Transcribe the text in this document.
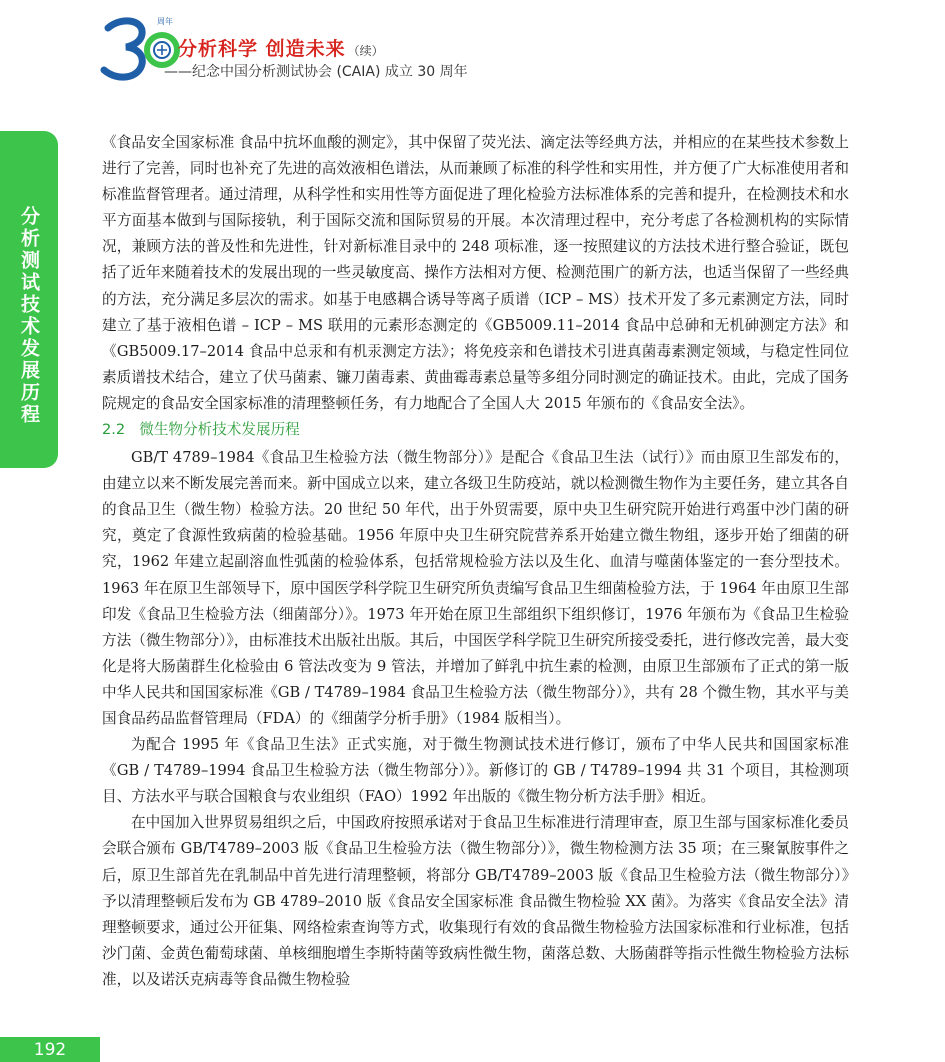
周年
分析科学 创造未来 （续）
——纪念中国分析测试协会 (CAIA) 成立 30 周年
分析测试技术发展历程

《食品安全国家标准 食品中抗坏血酸的测定》，其中保留了荧光法、滴定法等经典方法，并相应的在某些技术参数上进行了完善，同时也补充了先进的高效液相色谱法，从而兼顾了标准的科学性和实用性，并方便了广大标准使用者和标准监督管理者。通过清理，从科学性和实用性等方面促进了理化检验方法标准体系的完善和提升，在检测技术和水平方面基本做到与国际接轨，利于国际交流和国际贸易的开展。本次清理过程中，充分考虑了各检测机构的实际情况，兼顾方法的普及性和先进性，针对新标准目录中的 248 项标准，逐一按照建议的方法技术进行整合验证，既包括了近年来随着技术的发展出现的一些灵敏度高、操作方法相对方便、检测范围广的新方法，也适当保留了一些经典的方法，充分满足多层次的需求。如基于电感耦合诱导等离子质谱（ICP – MS）技术开发了多元素测定方法，同时建立了基于液相色谱 – ICP – MS 联用的元素形态测定的《GB5009.11–2014 食品中总砷和无机砷测定方法》和《GB5009.17–2014 食品中总汞和有机汞测定方法》；将免疫亲和色谱技术引进真菌毒素测定领域，与稳定性同位素质谱技术结合，建立了伏马菌素、镰刀菌毒素、黄曲霉毒素总量等多组分同时测定的确证技术。由此，完成了国务院规定的食品安全国家标准的清理整顿任务，有力地配合了全国人大 2015 年颁布的《食品安全法》。

2.2 微生物分析技术发展历程

GB/T 4789–1984《食品卫生检验方法（微生物部分）》是配合《食品卫生法（试行）》而由原卫生部发布的，由建立以来不断发展完善而来。新中国成立以来，建立各级卫生防疫站，就以检测微生物作为主要任务，建立其各自的食品卫生（微生物）检验方法。20 世纪 50 年代，出于外贸需要，原中央卫生研究院开始进行鸡蛋中沙门菌的研究，奠定了食源性致病菌的检验基础。1956 年原中央卫生研究院营养系开始建立微生物组，逐步开始了细菌的研究，1962 年建立起副溶血性弧菌的检验体系，包括常规检验方法以及生化、血清与噬菌体鉴定的一套分型技术。1963 年在原卫生部领导下，原中国医学科学院卫生研究所负责编写食品卫生细菌检验方法，于 1964 年由原卫生部印发《食品卫生检验方法（细菌部分）》。1973 年开始在原卫生部组织下组织修订，1976 年颁布为《食品卫生检验方法（微生物部分）》，由标准技术出版社出版。其后，中国医学科学院卫生研究所接受委托，进行修改完善，最大变化是将大肠菌群生化检验由 6 管法改变为 9 管法，并增加了鲜乳中抗生素的检测，由原卫生部颁布了正式的第一版中华人民共和国国家标准《GB / T4789–1984 食品卫生检验方法（微生物部分）》，共有 28 个微生物，其水平与美国食品药品监督管理局（FDA）的《细菌学分析手册》（1984 版相当）。

为配合 1995 年《食品卫生法》正式实施，对于微生物测试技术进行修订，颁布了中华人民共和国国家标准《GB / T4789–1994 食品卫生检验方法（微生物部分）》。新修订的 GB / T4789–1994 共 31 个项目，其检测项目、方法水平与联合国粮食与农业组织（FAO）1992 年出版的《微生物分析方法手册》相近。

在中国加入世界贸易组织之后，中国政府按照承诺对于食品卫生标准进行清理审查，原卫生部与国家标准化委员会联合颁布 GB/T4789–2003 版《食品卫生检验方法（微生物部分）》，微生物检测方法 35 项；在三聚氰胺事件之后，原卫生部首先在乳制品中首先进行清理整顿，将部分 GB/T4789–2003 版《食品卫生检验方法（微生物部分）》予以清理整顿后发布为 GB 4789–2010 版《食品安全国家标准 食品微生物检验 XX 菌》。为落实《食品安全法》清理整顿要求，通过公开征集、网络检索查询等方式，收集现行有效的食品微生物检验方法国家标准和行业标准，包括沙门菌、金黄色葡萄球菌、单核细胞增生李斯特菌等致病性微生物，菌落总数、大肠菌群等指示性微生物检验方法标准，以及诺沃克病毒等食品微生物检验

192
